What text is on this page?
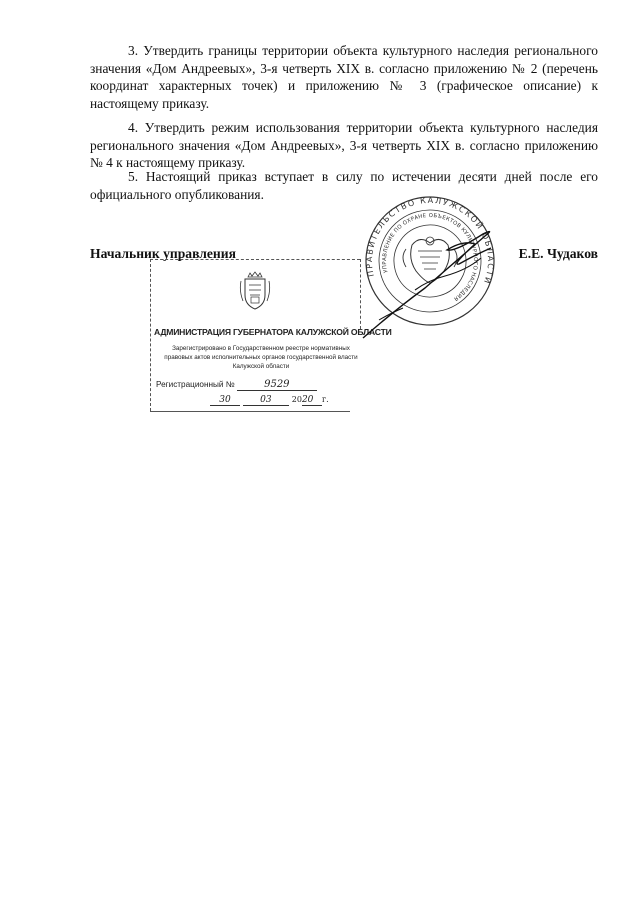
3. Утвердить границы территории объекта культурного наследия регионального значения «Дом Андреевых», 3-я четверть XIX в. согласно приложению № 2 (перечень координат характерных точек) и приложению № 3 (графическое описание) к настоящему приказу.

4. Утвердить режим использования территории объекта культурного наследия регионального значения «Дом Андреевых», 3-я четверть XIX в. согласно приложению № 4 к настоящему приказу.

5. Настоящий приказ вступает в силу по истечении десяти дней после его официального опубликования.

Начальник управления	Е.Е. Чудаков
ПРАВИТЕЛЬСТВО КАЛУЖСКОЙ ОБЛАСТИ
УПРАВЛЕНИЕ ПО ОХРАНЕ ОБЪЕКТОВ КУЛЬТУРНОГО НАСЛЕДИЯ
АДМИНИСТРАЦИЯ ГУБЕРНАТОРА КАЛУЖСКОЙ ОБЛАСТИ
Зарегистрировано в Государственном реестре нормативных
правовых актов исполнительных органов государственной власти
Калужской области
Регистрационный №	9529
30	03	2020 г.
